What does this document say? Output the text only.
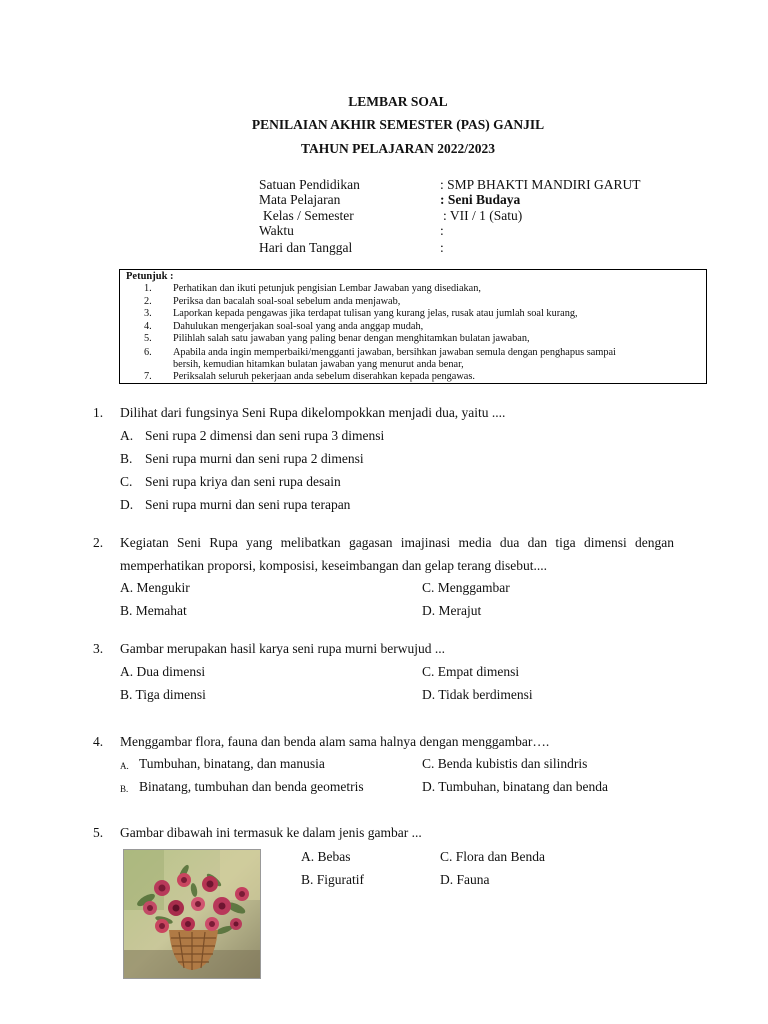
LEMBAR SOAL
PENILAIAN AKHIR SEMESTER (PAS) GANJIL
TAHUN PELAJARAN 2022/2023
Satuan Pendidikan	: SMP BHAKTI MANDIRI GARUT
Mata Pelajaran	: Seni Budaya
Kelas / Semester	: VII / 1 (Satu)
Waktu	:
Hari dan Tanggal	:
Petunjuk :
1. Perhatikan dan ikuti petunjuk pengisian Lembar Jawaban yang disediakan,
2. Periksa dan bacalah soal-soal sebelum anda menjawab,
3. Laporkan kepada pengawas jika terdapat tulisan yang kurang jelas, rusak atau jumlah soal kurang,
4. Dahulukan mengerjakan soal-soal yang anda anggap mudah,
5. Pilihlah salah satu jawaban yang paling benar dengan menghitamkan bulatan jawaban,
6. Apabila anda ingin memperbaiki/mengganti jawaban, bersihkan jawaban semula dengan penghapus sampai
bersih, kemudian hitamkan bulatan jawaban yang menurut anda benar,
7. Periksalah seluruh pekerjaan anda sebelum diserahkan kepada pengawas.
1. Dilihat dari fungsinya Seni Rupa dikelompokkan menjadi dua, yaitu ....
A. Seni rupa 2 dimensi dan seni rupa 3 dimensi
B. Seni rupa murni dan seni rupa 2 dimensi
C. Seni rupa kriya dan seni rupa desain
D. Seni rupa murni dan seni rupa terapan
2. Kegiatan Seni Rupa yang melibatkan gagasan imajinasi media dua dan tiga dimensi dengan
memperhatikan proporsi, komposisi, keseimbangan dan gelap terang disebut....
A. Mengukir	C. Menggambar
B. Memahat	D. Merajut
3. Gambar merupakan hasil karya seni rupa murni berwujud ...
A. Dua dimensi	C. Empat dimensi
B. Tiga dimensi	D. Tidak berdimensi
4. Menggambar flora, fauna dan benda alam sama halnya dengan menggambar….
A. Tumbuhan, binatang, dan manusia	C. Benda kubistis dan silindris
B. Binatang, tumbuhan dan benda geometris	D. Tumbuhan, binatang dan benda
5. Gambar dibawah ini termasuk ke dalam jenis gambar ...
A. Bebas	C. Flora dan Benda
B. Figuratif	D. Fauna
